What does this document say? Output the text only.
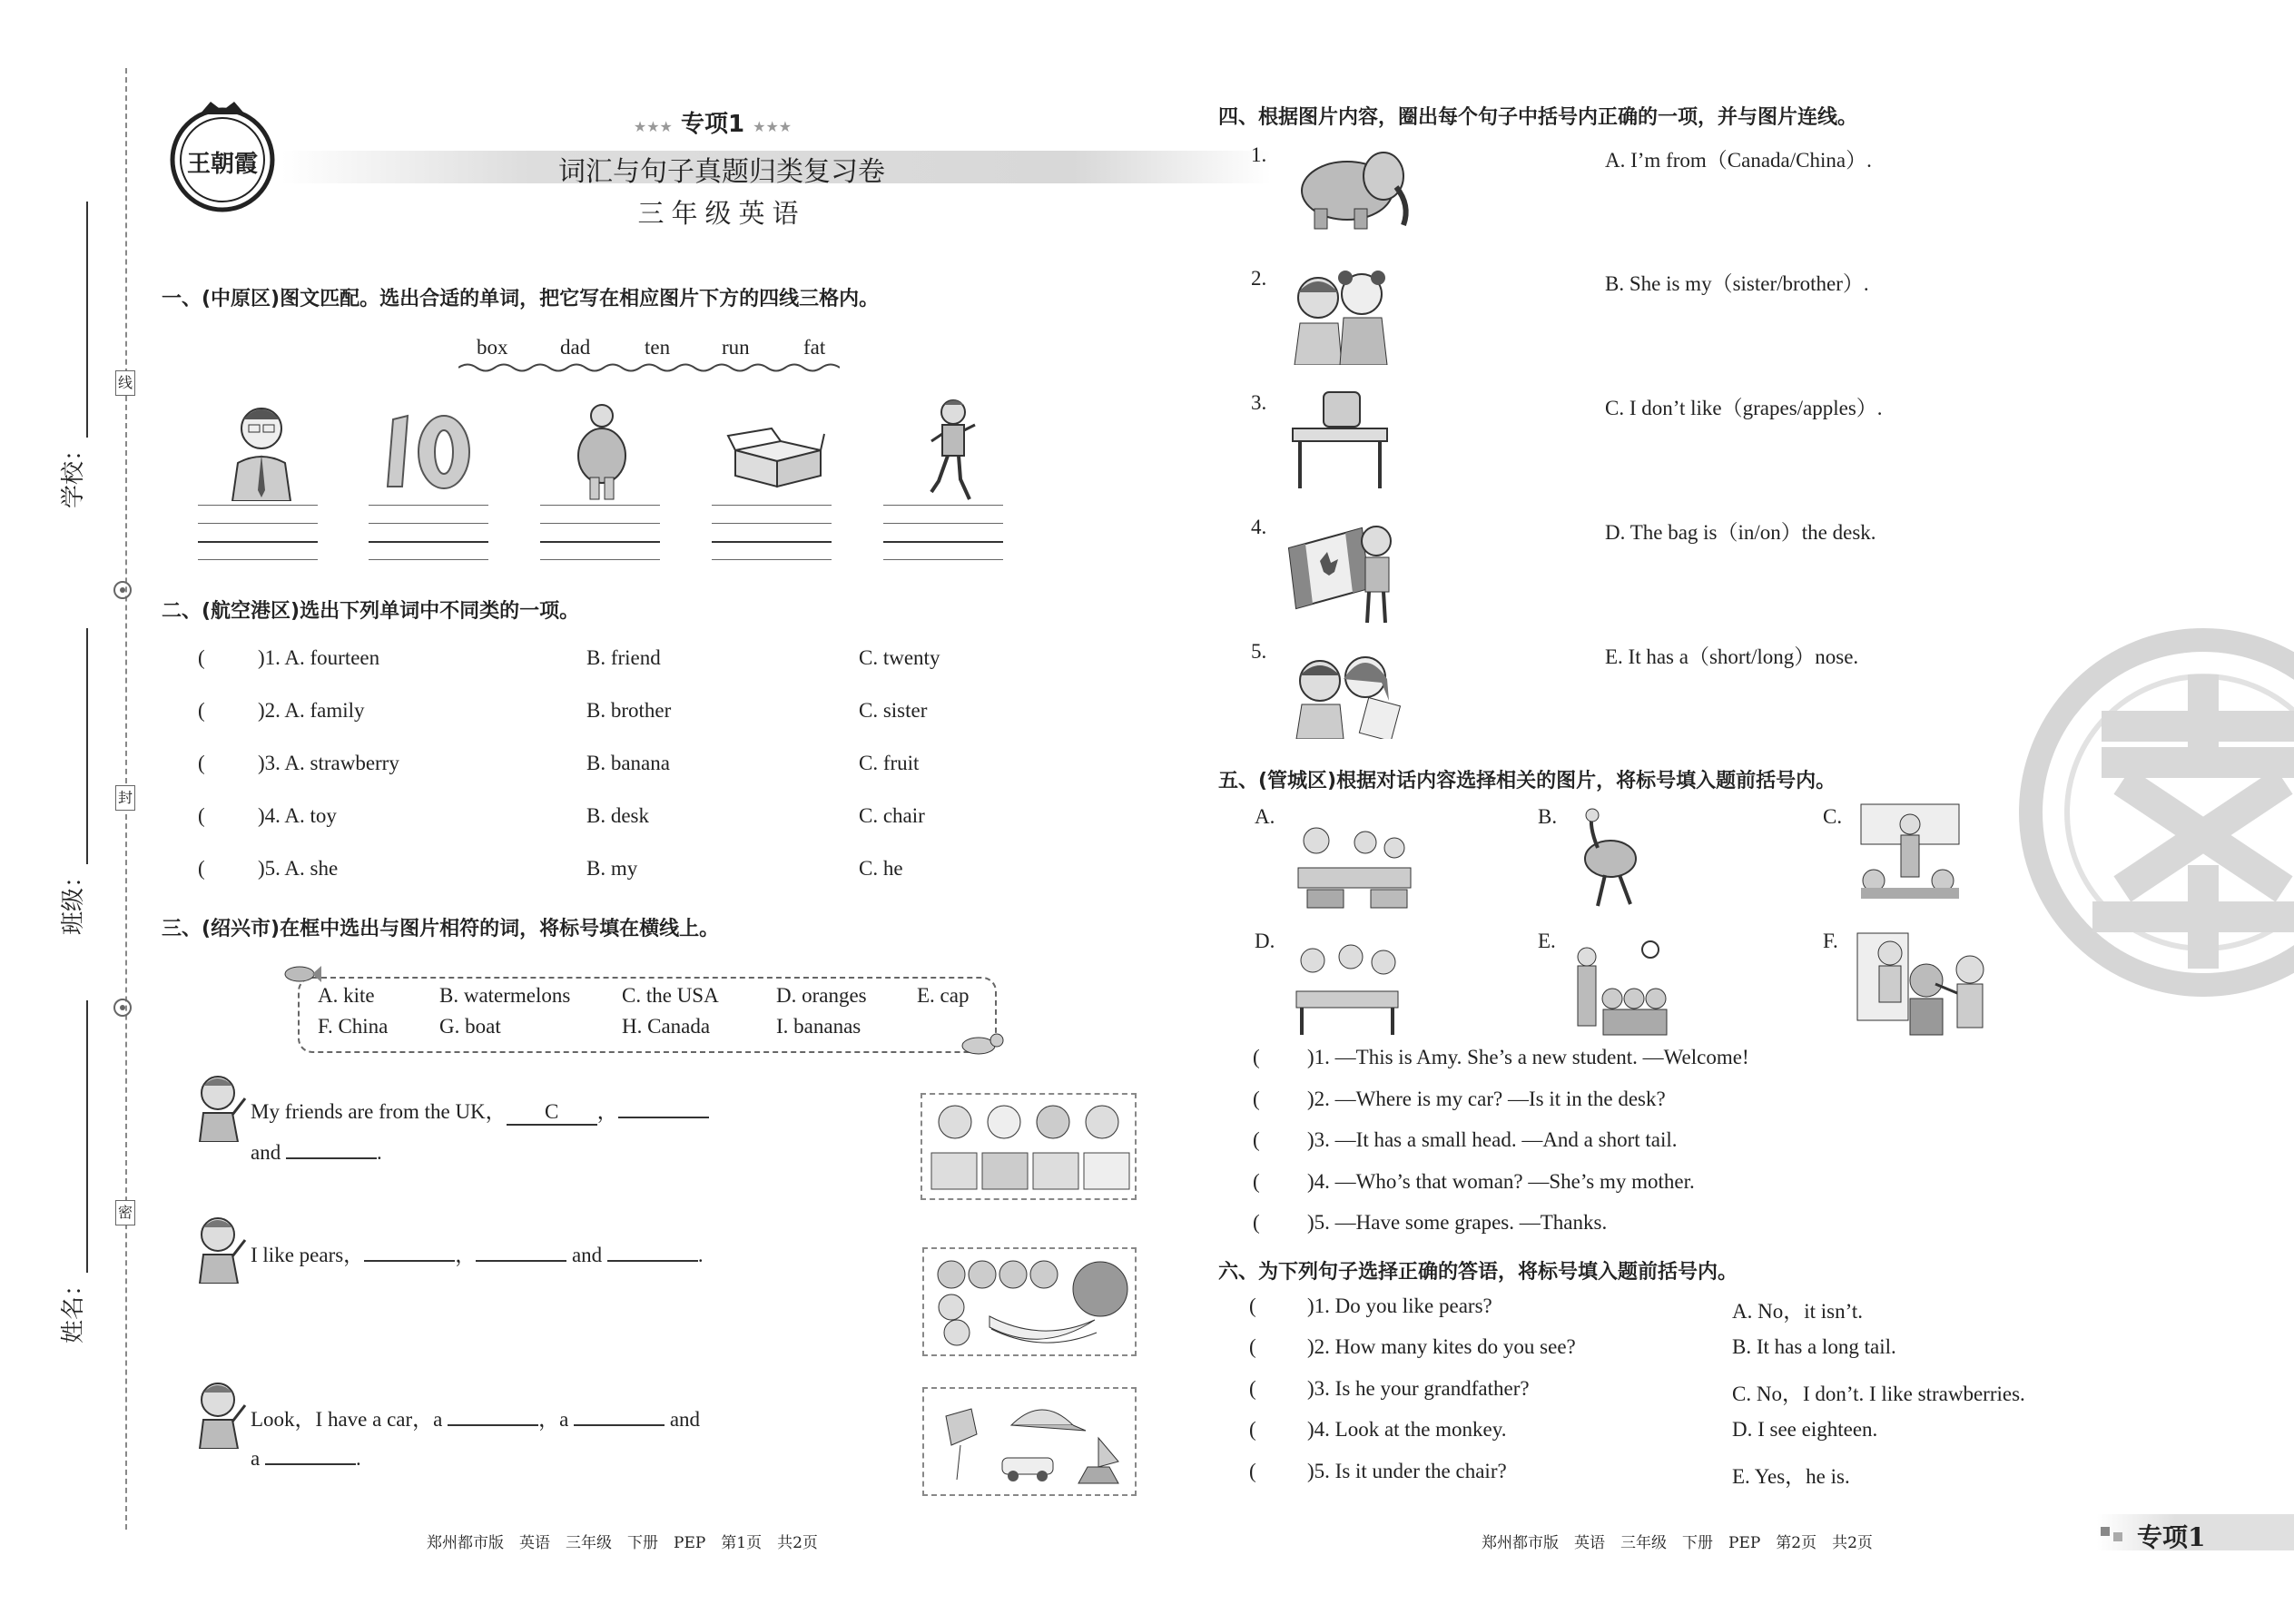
线
封
密
学校：
班级：
姓名：
王朝霞
★★★ 专项1 ★★★
词汇与句子真题归类复习卷
三年级英语
一、(中原区)图文匹配。选出合适的单词，把它写在相应图片下方的四线三格内。
box	dad	ten run	fat
二、(航空港区)选出下列单词中不同类的一项。
(	)1. A. fourteen	B. friend	C. twenty
(	)2. A. family	B. brother	C. sister
(	)3. A. strawberry	B. banana	C. fruit
(	)4. A. toy	B. desk	C. chair
(	)5. A. she	B. my	C. he
三、(绍兴市)在框中选出与图片相符的词，将标号填在横线上。
A. kite	B. watermelons C. the USA	D. oranges E. cap
F. China G. boat	H. Canada	I. bananas
My friends are from the UK， C ，
and	.
I like pears，	，	and	.
Look，I have a car，a	，a	and
a	.
郑州都市版　英语　三年级　下册　PEP　第1页　共2页
四、根据图片内容，圈出每个句子中括号内正确的一项，并与图片连线。
1.
2.
3.
4.
5.
A. I’m from（Canada/China）.
B. She is my（sister/brother）.
C. I don’t like（grapes/apples）.
D. The bag is（in/on）the desk.
E. It has a（short/long）nose.
五、(管城区)根据对话内容选择相关的图片，将标号填入题前括号内。
A.	B.	C.
D.	E.	F.
( )1. —This is Amy. She’s a new student. —Welcome!
( )2. —Where is my car? —Is it in the desk?
( )3. —It has a small head. —And a short tail.
( )4. —Who’s that woman? —She’s my mother.
( )5. —Have some grapes. —Thanks.
六、为下列句子选择正确的答语，将标号填入题前括号内。
( )1. Do you like pears?	A. No，it isn’t.
( )2. How many kites do you see?	B. It has a long tail.
( )3. Is he your grandfather?	C. No，I don’t. I like strawberries.
( )4. Look at the monkey.	D. I see eighteen.
( )5. Is it under the chair?	E. Yes，he is.
郑州都市版　英语　三年级　下册　PEP　第2页　共2页	专项1
